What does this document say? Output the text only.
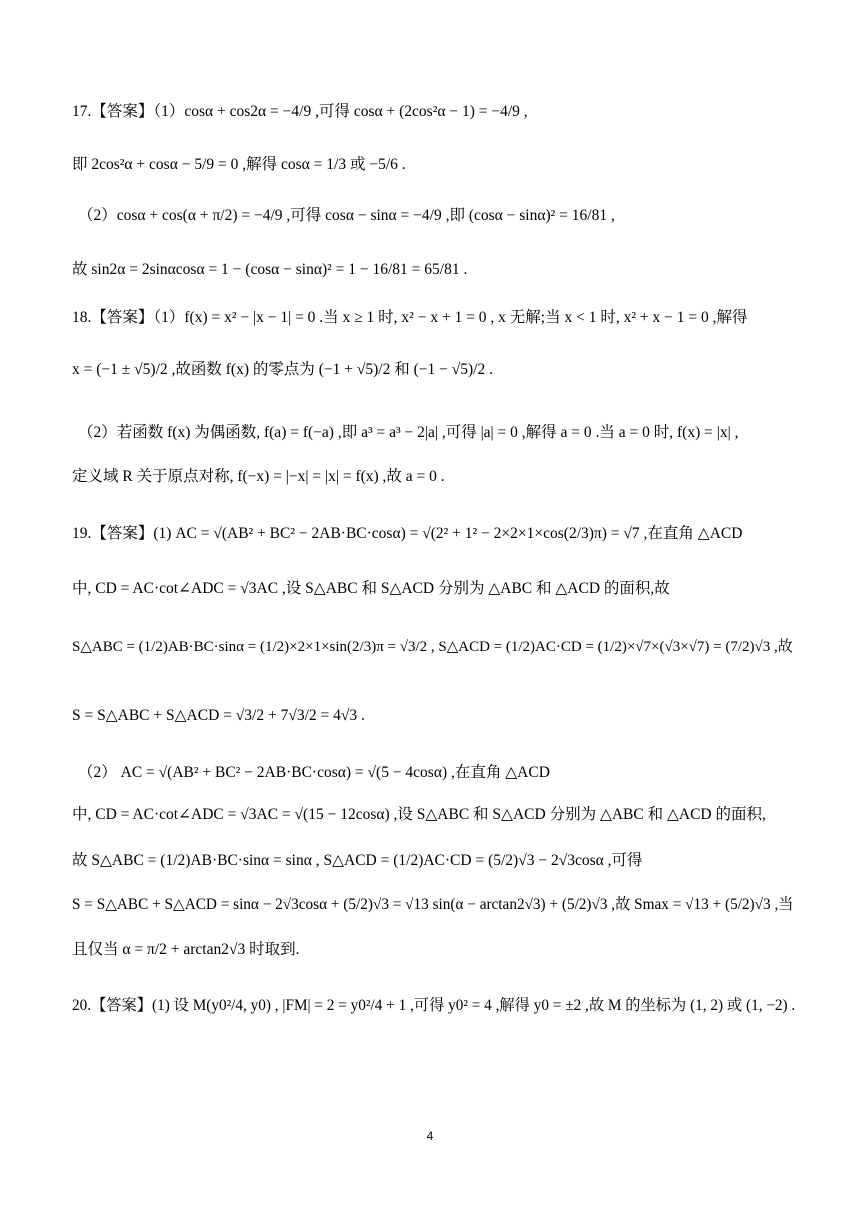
17.【答案】（1）cosα + cos2α = −4/9 ,可得 cosα + (2cos²α − 1) = −4/9 ,
即 2cos²α + cosα − 5/9 = 0 ,解得 cosα = 1/3 或 −5/6 .
（2）cosα + cos(α + π/2) = −4/9 ,可得 cosα − sinα = −4/9 ,即 (cosα − sinα)² = 16/81 ,
故 sin2α = 2sinαcosα = 1 − (cosα − sinα)² = 1 − 16/81 = 65/81 .
18.【答案】（1）f(x) = x² − |x − 1| = 0 .当 x ≥ 1 时, x² − x + 1 = 0 , x 无解;当 x < 1 时, x² + x − 1 = 0 ,解得
x = (−1 ± √5)/2 ,故函数 f(x) 的零点为 (−1 + √5)/2 和 (−1 − √5)/2 .
（2）若函数 f(x) 为偶函数, f(a) = f(−a) ,即 a³ = a³ − 2|a| ,可得 |a| = 0 ,解得 a = 0 .当 a = 0 时, f(x) = |x| ,
定义域 R 关于原点对称, f(−x) = |−x| = |x| = f(x) ,故 a = 0 .
19.【答案】(1) AC = √(AB² + BC² − 2AB·BC·cosα) = √(2² + 1² − 2×2×1×cos(2/3)π) = √7 ,在直角 △ACD
中, CD = AC·cot∠ADC = √3AC ,设 S△ABC 和 S△ACD 分别为 △ABC 和 △ACD 的面积,故
S△ABC = (1/2)AB·BC·sinα = (1/2)×2×1×sin(2/3)π = √3/2 , S△ACD = (1/2)AC·CD = (1/2)×√7×(√3×√7) = (7/2)√3 ,故
S = S△ABC + S△ACD = √3/2 + 7√3/2 = 4√3 .
（2） AC = √(AB² + BC² − 2AB·BC·cosα) = √(5 − 4cosα) ,在直角 △ACD
中, CD = AC·cot∠ADC = √3AC = √(15 − 12cosα) ,设 S△ABC 和 S△ACD 分别为 △ABC 和 △ACD 的面积,
故 S△ABC = (1/2)AB·BC·sinα = sinα , S△ACD = (1/2)AC·CD = (5/2)√3 − 2√3cosα ,可得
S = S△ABC + S△ACD = sinα − 2√3cosα + (5/2)√3 = √13 sin(α − arctan2√3) + (5/2)√3 ,故 Smax = √13 + (5/2)√3 ,当
且仅当 α = π/2 + arctan2√3 时取到.
20.【答案】(1) 设 M(y0²/4, y0) , |FM| = 2 = y0²/4 + 1 ,可得 y0² = 4 ,解得 y0 = ±2 ,故 M 的坐标为 (1, 2) 或 (1, −2) .
4
